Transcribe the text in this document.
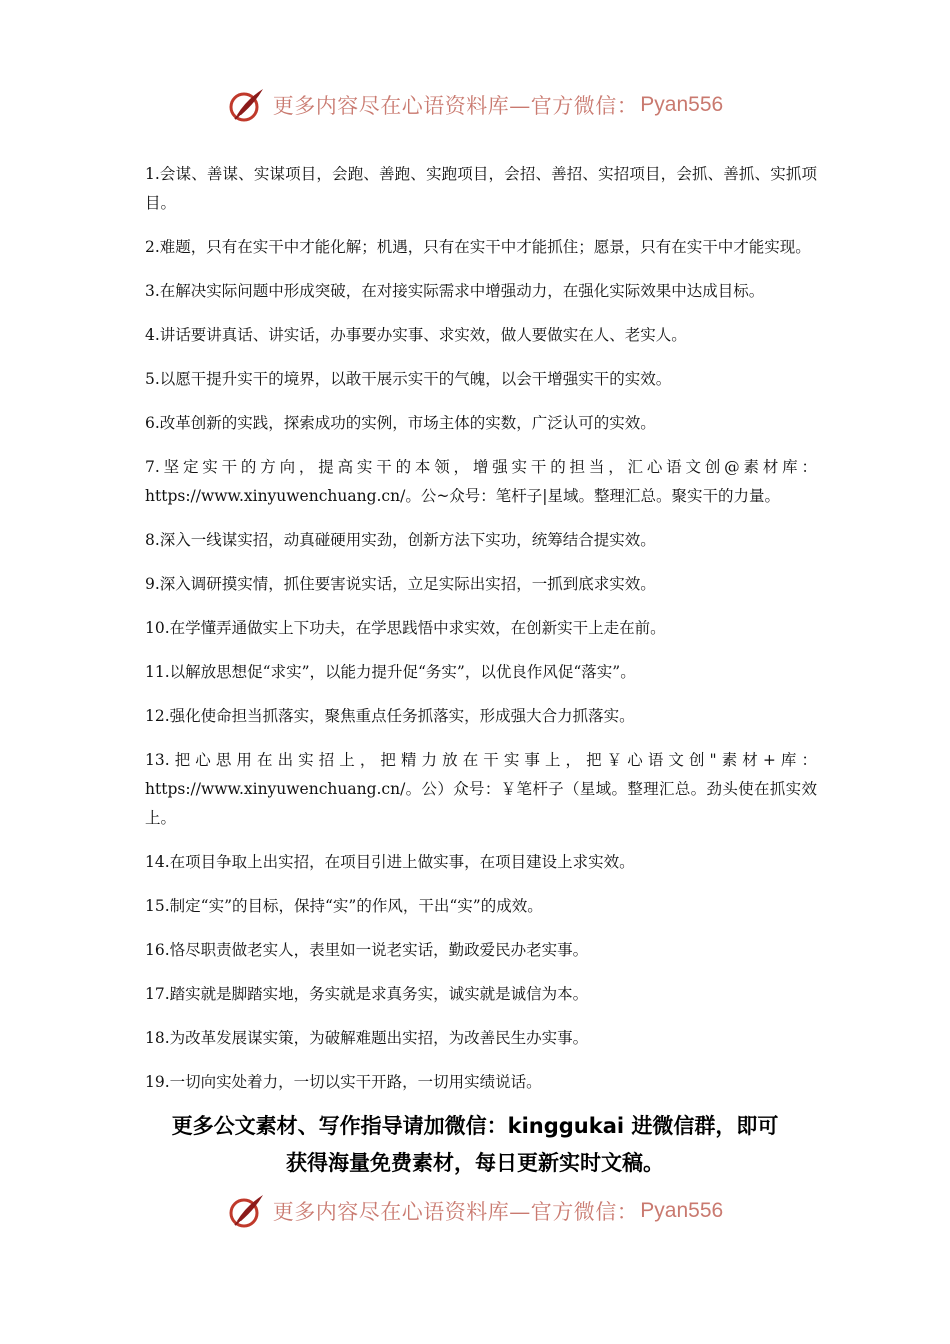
更多内容尽在心语资料库—官方微信： Pyan556

1.会谋、善谋、实谋项目，会跑、善跑、实跑项目，会招、善招、实招项目，会抓、善抓、实抓项目。

2.难题，只有在实干中才能化解；机遇，只有在实干中才能抓住；愿景，只有在实干中才能实现。

3.在解决实际问题中形成突破，在对接实际需求中增强动力，在强化实际效果中达成目标。

4.讲话要讲真话、讲实话，办事要办实事、求实效，做人要做实在人、老实人。

5.以愿干提升实干的境界，以敢干展示实干的气魄，以会干增强实干的实效。

6.改革创新的实践，探索成功的实例，市场主体的实数，广泛认可的实效。

7.坚定实干的方向，提高实干的本领，增强实干的担当，汇心语文创@素材库：https://www.xinyuwenchuang.cn/。公~众号：笔杆子|星域。整理汇总。聚实干的力量。

8.深入一线谋实招，动真碰硬用实劲，创新方法下实功，统筹结合提实效。

9.深入调研摸实情，抓住要害说实话，立足实际出实招，一抓到底求实效。

10.在学懂弄通做实上下功夫，在学思践悟中求实效，在创新实干上走在前。

11.以解放思想促“求实”，以能力提升促“务实”，以优良作风促“落实”。

12.强化使命担当抓落实，聚焦重点任务抓落实，形成强大合力抓落实。

13.把心思用在出实招上，把精力放在干实事上，把￥心语文创"素材+库：https://www.xinyuwenchuang.cn/。公）众号：￥笔杆子（星域。整理汇总。劲头使在抓实效上。

14.在项目争取上出实招，在项目引进上做实事，在项目建设上求实效。

15.制定“实”的目标，保持“实”的作风，干出“实”的成效。

16.恪尽职责做老实人，表里如一说老实话，勤政爱民办老实事。

17.踏实就是脚踏实地，务实就是求真务实，诚实就是诚信为本。

18.为改革发展谋实策，为破解难题出实招，为改善民生办实事。

19.一切向实处着力，一切以实干开路，一切用实绩说话。

更多公文素材、写作指导请加微信：kinggukai 进微信群，即可
获得海量免费素材，每日更新实时文稿。
更多内容尽在心语资料库—官方微信： Pyan556
